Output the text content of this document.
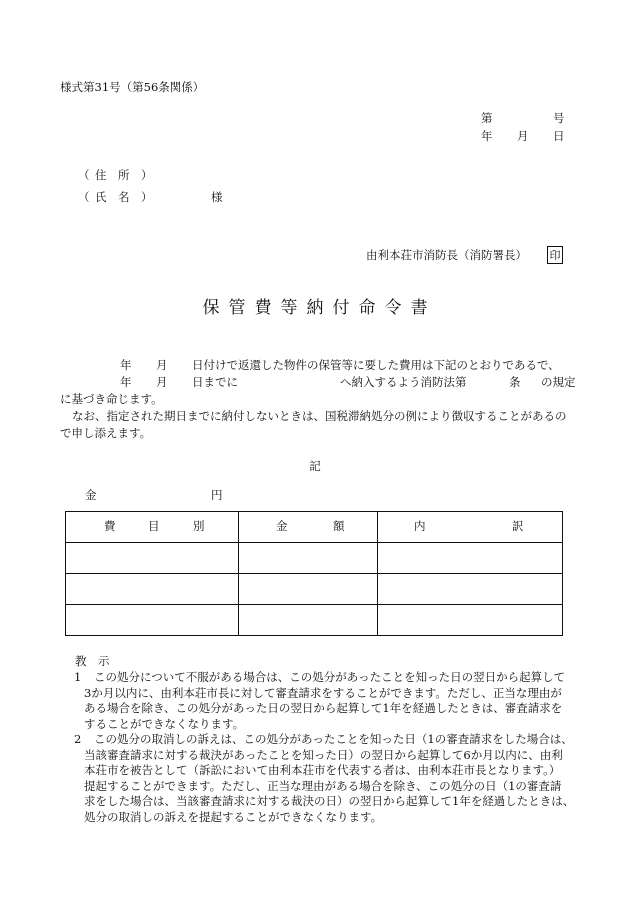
様式第31号（第56条関係）
第	号
年 月 日
（ 住 所 ）
（ 氏 名 ）	様
由利本荘市消防長（消防署長） 印
保管費等納付命令書
年 月 日付けで返還した物件の保管等に要した費用は下記のとおりであるで、
年 月 日までに	へ納入するよう消防法第	条 の規定
に基づき命じます。
なお、指定された期日までに納付しないときは、国税滞納処分の例により徴収することがあるの
で申し添えます。
記
金	円
費 目 別	金 額	内 訳

教　示
1 この処分について不服がある場合は、この処分があったことを知った日の翌日から起算して
3か月以内に、由利本荘市長に対して審査請求をすることができます。ただし、正当な理由が
ある場合を除き、この処分があった日の翌日から起算して1年を経過したときは、審査請求を
することができなくなります。
2 この処分の取消しの訴えは、この処分があったことを知った日（1の審査請求をした場合は、
当該審査請求に対する裁決があったことを知った日）の翌日から起算して6か月以内に、由利
本荘市を被告として（訴訟において由利本荘市を代表する者は、由利本荘市長となります。）
提起することができます。ただし、正当な理由がある場合を除き、この処分の日（1の審査請
求をした場合は、当該審査請求に対する裁決の日）の翌日から起算して1年を経過したときは、
処分の取消しの訴えを提起することができなくなります。
